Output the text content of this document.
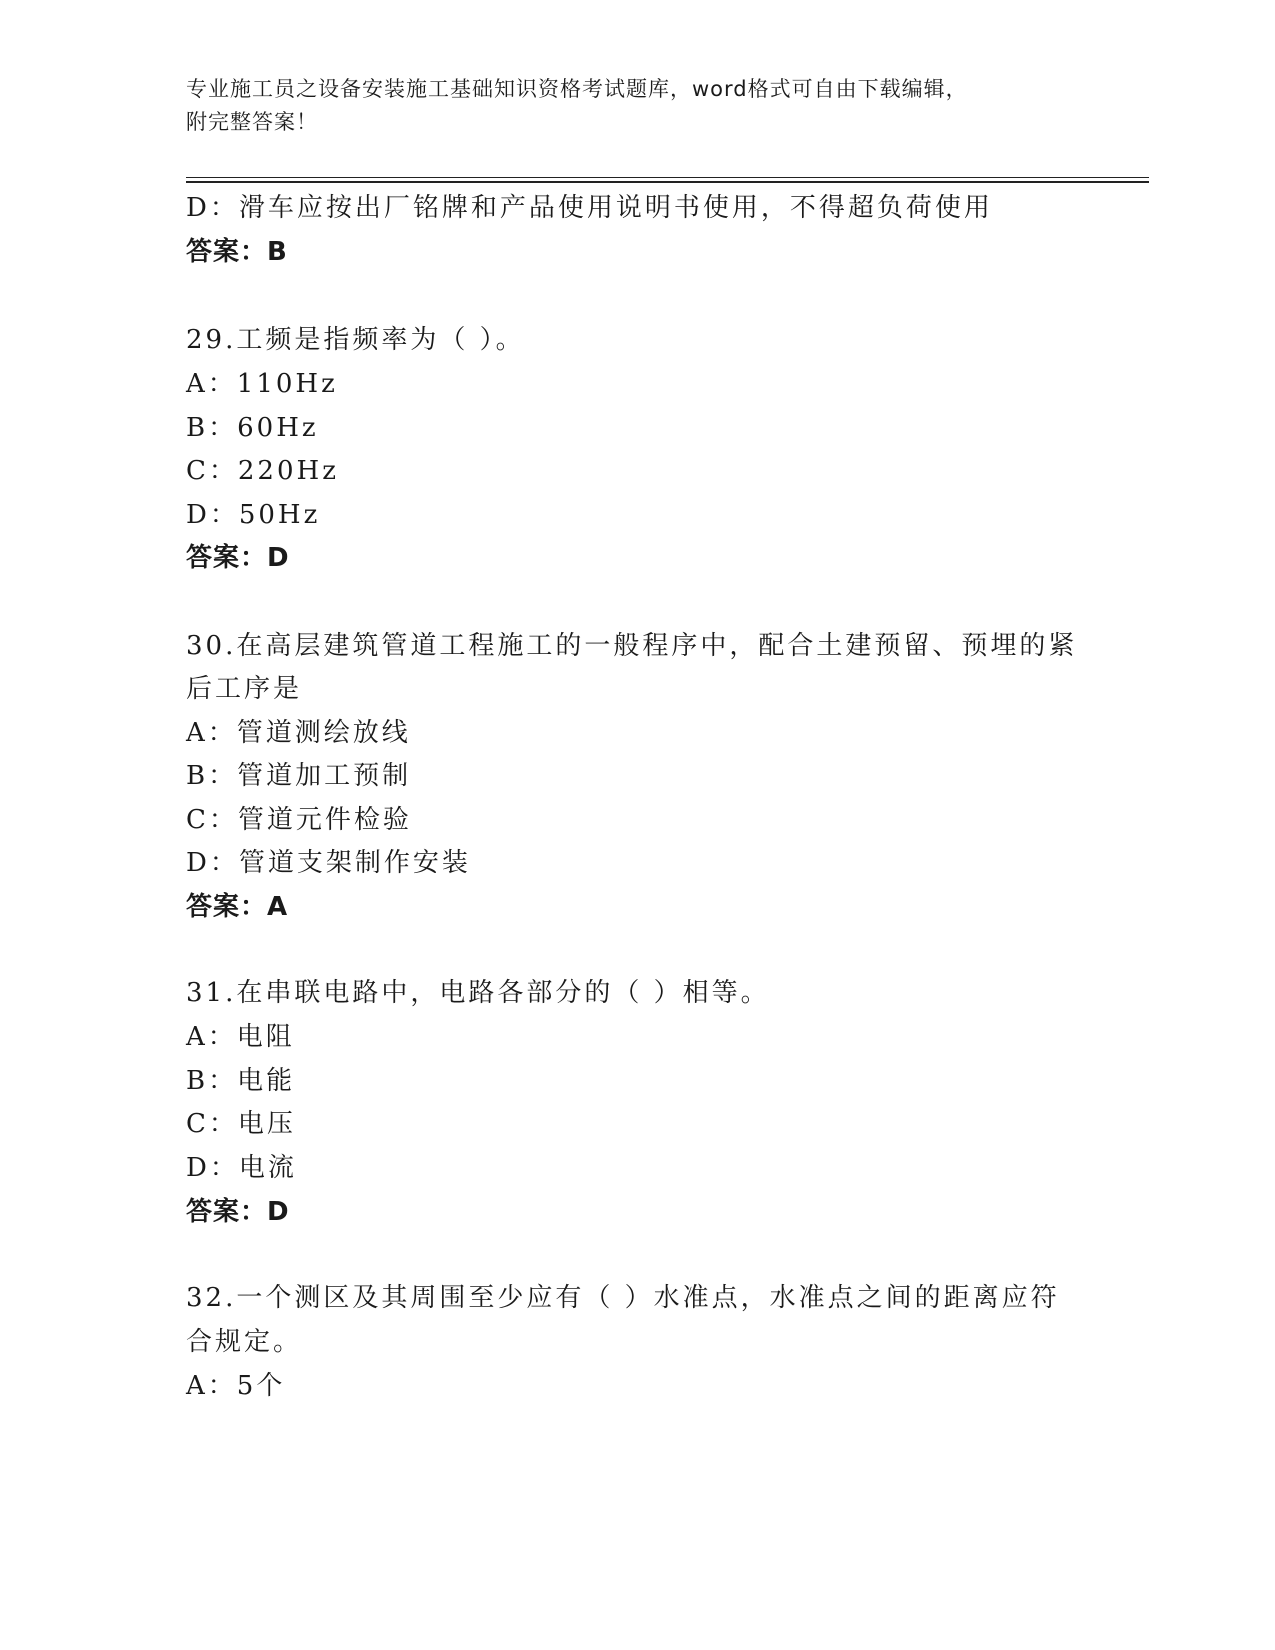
专业施工员之设备安装施工基础知识资格考试题库，word格式可自由下载编辑，
附完整答案！
D：滑车应按出厂铭牌和产品使用说明书使用，不得超负荷使用
答案：B
29.工频是指频率为（ ）。
A：110Hz
B：60Hz
C：220Hz
D：50Hz
答案：D
30.在高层建筑管道工程施工的一般程序中，配合土建预留、预埋的紧
后工序是
A：管道测绘放线
B：管道加工预制
C：管道元件检验
D：管道支架制作安装
答案：A
31.在串联电路中，电路各部分的（ ）相等。
A：电阻
B：电能
C：电压
D：电流
答案：D
32.一个测区及其周围至少应有（ ）水准点，水准点之间的距离应符
合规定。
A：5个
